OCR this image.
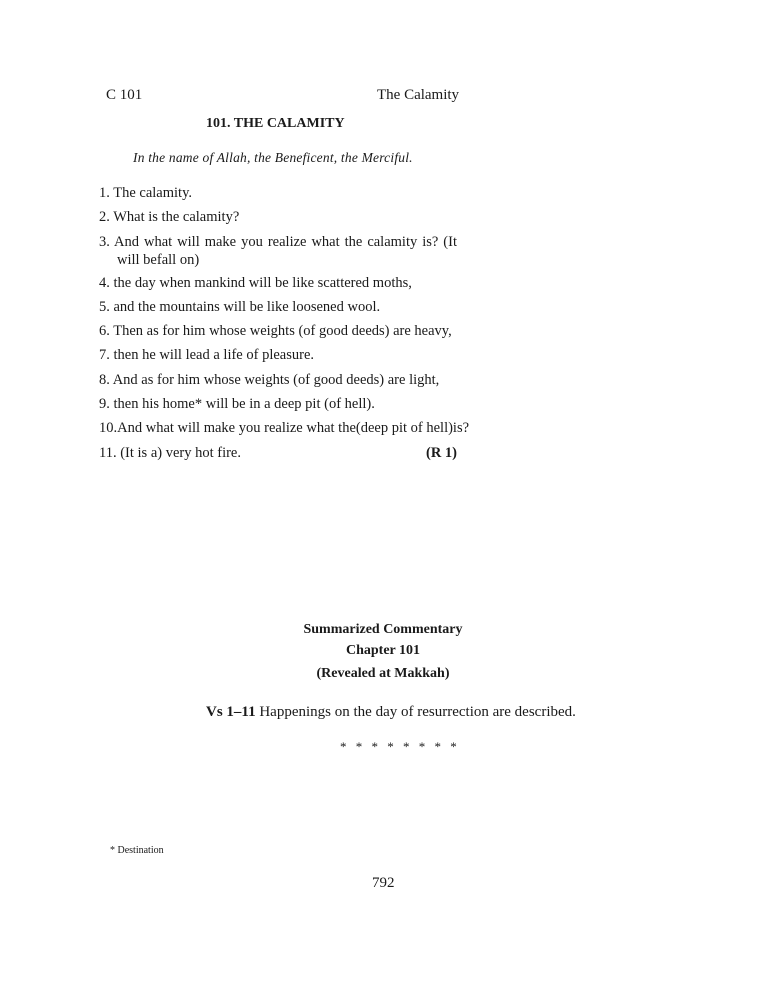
C 101	The Calamity
101. THE CALAMITY
In the name of Allah, the Beneficent, the Merciful.
1. The calamity.
2. What is the calamity?
3. And what will make you realize what the calamity is? (It
will befall on)
4. the day when mankind will be like scattered moths,
5. and the mountains will be like loosened wool.
6. Then as for him whose weights (of good deeds) are heavy,
7. then he will lead a life of pleasure.
8. And as for him whose weights (of good deeds) are light,
9. then his home* will be in a deep pit (of hell).
10.And what will make you realize what the(deep pit of hell)is?
11. (It is a) very hot fire.	(R 1)
Summarized Commentary
Chapter 101
(Revealed at Makkah)
Vs 1–11 Happenings on the day of resurrection are described.
* * * * * * * *
* Destination
792
